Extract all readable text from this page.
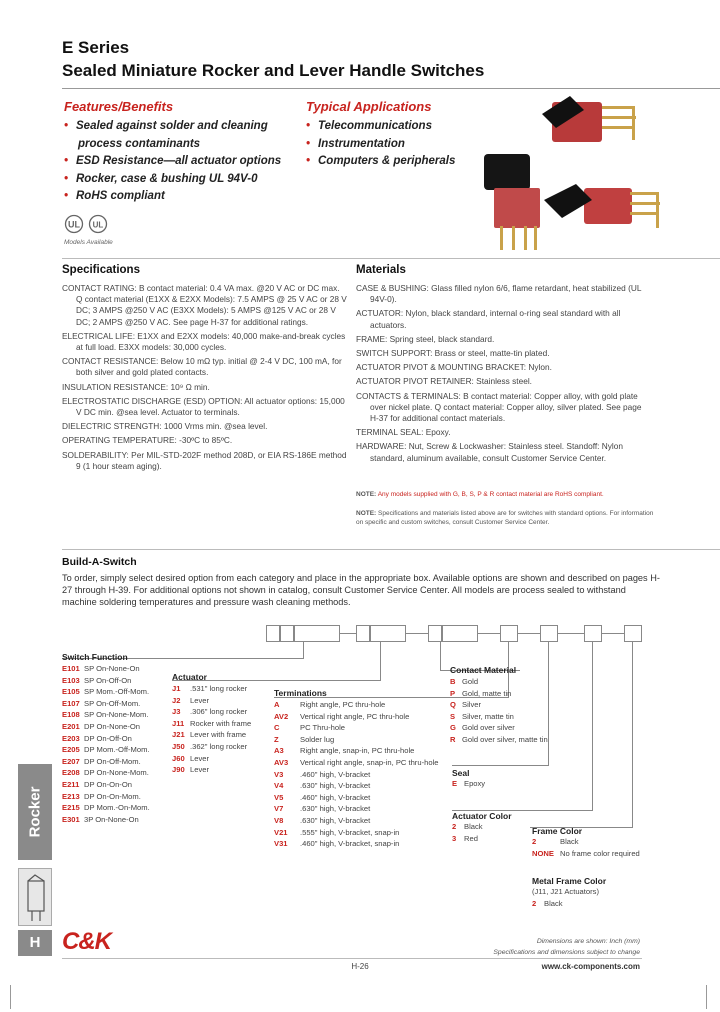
E Series
Sealed Miniature Rocker and Lever Handle Switches
Features/Benefits
• Sealed against solder and cleaning
process contaminants
• ESD Resistance—all actuator options
• Rocker, case & bushing UL 94V-0
• RoHS compliant
UL UL
Models Available
Typical Applications
• Telecommunications
• Instrumentation
• Computers & peripherals
Specifications

CONTACT RATING: B contact material: 0.4 VA max. @20 V AC or DC max. Q contact material (E1XX & E2XX Models): 7.5 AMPS @ 25 V AC or 28 V DC; 3 AMPS @250 V AC (E3XX Models): 5 AMPS @125 V AC or 28 V DC; 2 AMPS @250 V AC. See page H-37 for additional ratings.

ELECTRICAL LIFE: E1XX and E2XX models: 40,000 make-and-break cycles at full load. E3XX models: 30,000 cycles.

CONTACT RESISTANCE: Below 10 mΩ typ. initial @ 2-4 V DC, 100 mA, for both silver and gold plated contacts.

INSULATION RESISTANCE: 10⁹ Ω min.

ELECTROSTATIC DISCHARGE (ESD) OPTION: All actuator options: 15,000 V DC min. @sea level. Actuator to terminals.

DIELECTRIC STRENGTH: 1000 Vrms min. @sea level.

OPERATING TEMPERATURE: -30ºC to 85ºC.

SOLDERABILITY: Per MIL-STD-202F method 208D, or EIA RS-186E method 9 (1 hour steam aging).

Materials

CASE & BUSHING: Glass filled nylon 6/6, flame retardant, heat stabilized (UL 94V-0).

ACTUATOR: Nylon, black standard, internal o-ring seal standard with all actuators.

FRAME: Spring steel, black standard.

SWITCH SUPPORT: Brass or steel, matte-tin plated.

ACTUATOR PIVOT & MOUNTING BRACKET: Nylon.

ACTUATOR PIVOT RETAINER: Stainless steel.

CONTACTS & TERMINALS: B contact material: Copper alloy, with gold plate over nickel plate. Q contact material: Copper alloy, silver plated. See page H-37 for additional contact materials.

TERMINAL SEAL: Epoxy.

HARDWARE: Nut, Screw & Lockwasher: Stainless steel. Standoff: Nylon standard, aluminum available, consult Customer Service Center.

NOTE: Any models supplied with G, B, S, P & R contact material are RoHS compliant.
NOTE: Specifications and materials listed above are for switches with standard options. For information on specific and custom switches, consult Customer Service Center.
Build-A-Switch
To order, simply select desired option from each category and place in the appropriate box. Available options are shown and described on pages H-27 through H-39. For additional options not shown in catalog, consult Customer Service Center. All models are process sealed to withstand machine soldering temperatures and pressure wash cleaning methods.
Switch Function
E101 SP On-None-On
E103 SP On-Off-On
E105 SP Mom.-Off-Mom.
E107 SP On-Off-Mom.
E108 SP On-None-Mom.
E201 DP On-None-On
E203 DP On-Off-On
E205 DP Mom.-Off-Mom.
E207 DP On-Off-Mom.
E208 DP On-None-Mom.
E211 DP On-On-On
E213 DP On-On-Mom.
E215 DP Mom.-On-Mom.
E301 3P On-None-On
Actuator
J1 .531" long rocker
J2 Lever
J3 .306" long rocker
J11 Rocker with frame
J21 Lever with frame
J50 .362" long rocker
J60 Lever
J90 Lever
Terminations
A	Right angle, PC thru-hole
AV2 Vertical right angle, PC thru-hole
C	PC Thru-hole
Z	Solder lug
A3 Right angle, snap-in, PC thru-hole
AV3 Vertical right angle, snap-in, PC thru-hole
V3 .460" high, V-bracket
V4 .630" high, V-bracket
V5 .460" high, V-bracket
V7 .630" high, V-bracket
V8 .630" high, V-bracket
V21 .555" high, V-bracket, snap-in
V31 .460" high, V-bracket, snap-in
Contact Material
B Gold
P Gold, matte tin
Q Silver
S Silver, matte tin
G Gold over silver
R Gold over silver, matte tin
Seal
E Epoxy
Actuator Color
2 Black
3 Red
Frame Color
2	Black
NONE No frame color required
Metal Frame Color
(J11, J21 Actuators)
2 Black
Rocker
H C&K	Dimensions are shown: Inch (mm)
Specifications and dimensions subject to change
H-26	www.ck-components.com
